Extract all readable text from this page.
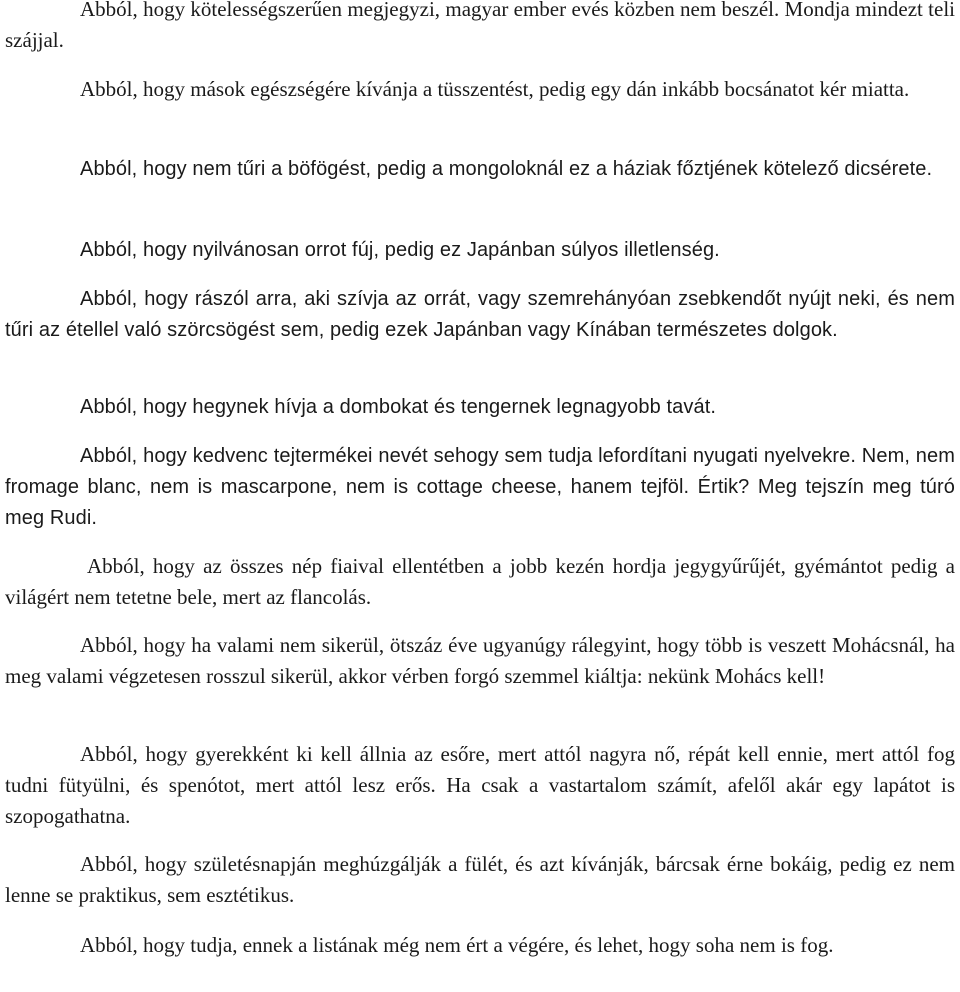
Abból, hogy kötelességszerűen megjegyzi, magyar ember evés közben nem beszél. Mondja mindezt teli szájjal.

Abból, hogy mások egészségére kívánja a tüsszentést, pedig egy dán inkább bocsánatot kér miatta.

Abból, hogy nem tűri a böfögést, pedig a mongoloknál ez a háziak főztjének kötelező dicsérete.

Abból, hogy nyilvánosan orrot fúj, pedig ez Japánban súlyos illetlenség.

Abból, hogy rászól arra, aki szívja az orrát, vagy szemrehányóan zsebkendőt nyújt neki, és nem tűri az étellel való szörcsögést sem, pedig ezek Japánban vagy Kínában természetes dolgok.

Abból, hogy hegynek hívja a dombokat és tengernek legnagyobb tavát.

Abból, hogy kedvenc tejtermékei nevét sehogy sem tudja lefordítani nyugati nyelvekre. Nem, nem fromage blanc, nem is mascarpone, nem is cottage cheese, hanem tejföl. Értik? Meg tejszín meg túró meg Rudi.

Abból, hogy az összes nép fiaival ellentétben a jobb kezén hordja jegygyűrűjét, gyémántot pedig a világért nem tetetne bele, mert az flancolás.

Abból, hogy ha valami nem sikerül, ötszáz éve ugyanúgy rálegyint, hogy több is veszett Mohácsnál, ha meg valami végzetesen rosszul sikerül, akkor vérben forgó szemmel kiáltja: nekünk Mohács kell!

Abból, hogy gyerekként ki kell állnia az esőre, mert attól nagyra nő, répát kell ennie, mert attól fog tudni fütyülni, és spenótot, mert attól lesz erős. Ha csak a vastartalom számít, afelől akár egy lapátot is szopogathatna.

Abból, hogy születésnapján meghúzgálják a fülét, és azt kívánják, bárcsak érne bokáig, pedig ez nem lenne se praktikus, sem esztétikus.

Abból, hogy tudja, ennek a listának még nem ért a végére, és lehet, hogy soha nem is fog.
